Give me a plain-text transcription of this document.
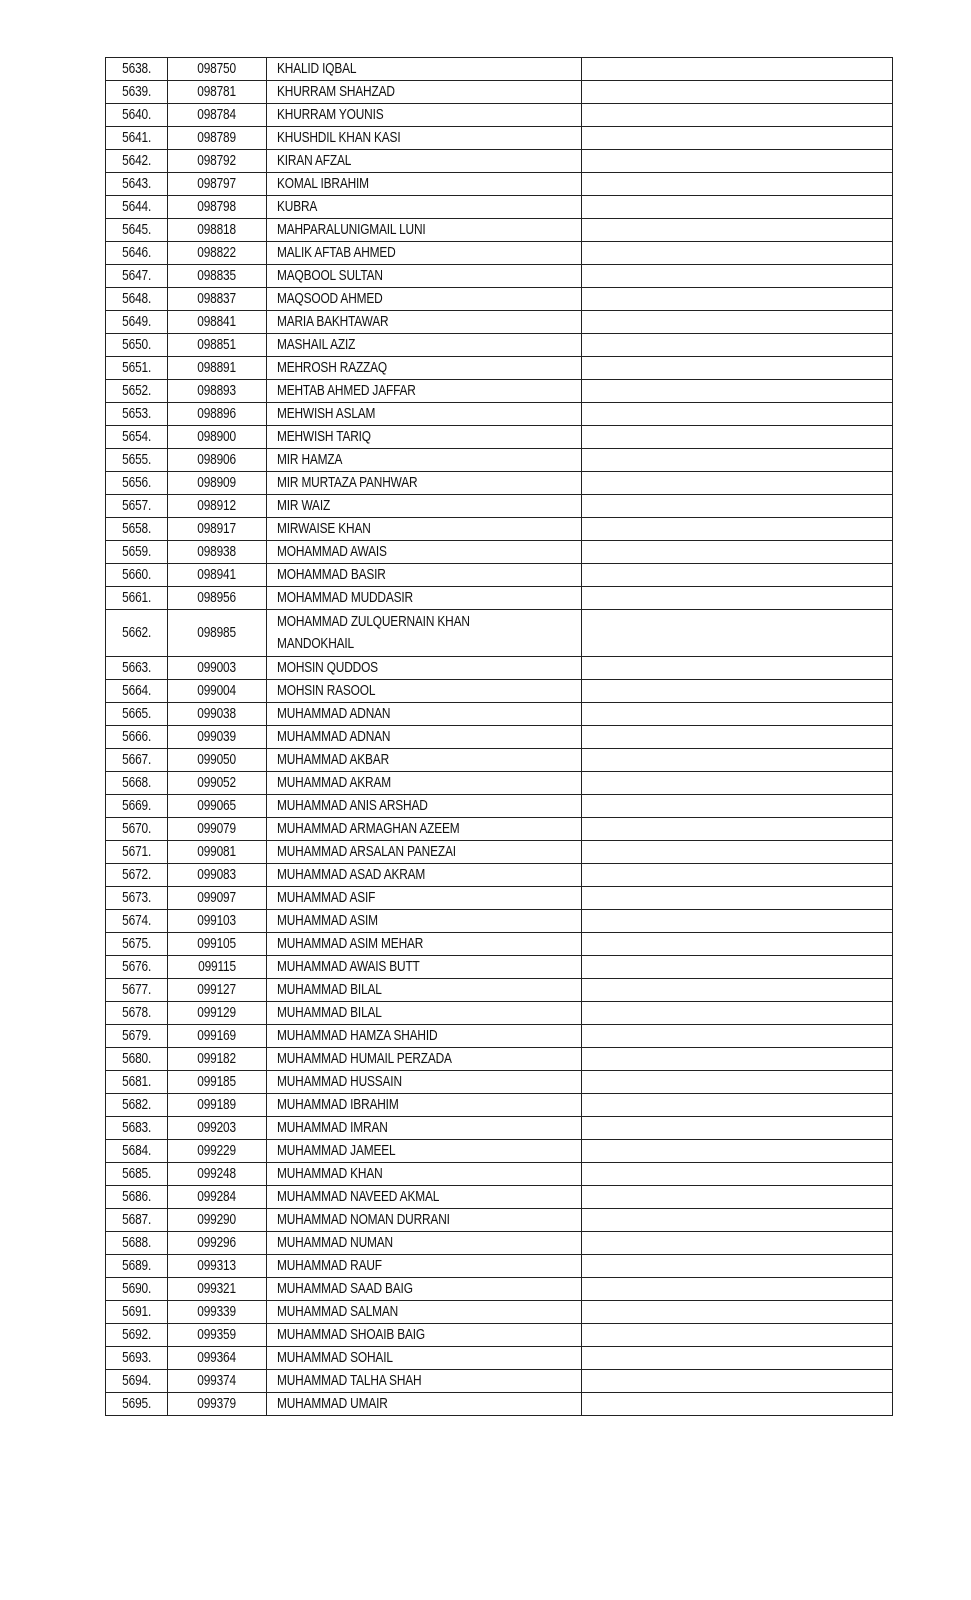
5638.	098750	KHALID IQBAL	
5639.	098781	KHURRAM SHAHZAD	
5640.	098784	KHURRAM YOUNIS	
5641.	098789	KHUSHDIL KHAN KASI	
5642.	098792	KIRAN AFZAL	
5643.	098797	KOMAL IBRAHIM	
5644.	098798	KUBRA	
5645.	098818	MAHPARALUNIGMAIL LUNI	
5646.	098822	MALIK AFTAB AHMED	
5647.	098835	MAQBOOL SULTAN	
5648.	098837	MAQSOOD AHMED	
5649.	098841	MARIA BAKHTAWAR	
5650.	098851	MASHAIL AZIZ	
5651.	098891	MEHROSH RAZZAQ	
5652.	098893	MEHTAB AHMED JAFFAR	
5653.	098896	MEHWISH ASLAM	
5654.	098900	MEHWISH TARIQ	
5655.	098906	MIR HAMZA	
5656.	098909	MIR MURTAZA PANHWAR	
5657.	098912	MIR WAIZ	
5658.	098917	MIRWAISE KHAN	
5659.	098938	MOHAMMAD AWAIS	
5660.	098941	MOHAMMAD BASIR	
5661.	098956	MOHAMMAD MUDDASIR	
5662.	098985	MOHAMMAD ZULQUERNAIN KHAN MANDOKHAIL	
5663.	099003	MOHSIN QUDDOS	
5664.	099004	MOHSIN RASOOL	
5665.	099038	MUHAMMAD ADNAN	
5666.	099039	MUHAMMAD ADNAN	
5667.	099050	MUHAMMAD AKBAR	
5668.	099052	MUHAMMAD AKRAM	
5669.	099065	MUHAMMAD ANIS ARSHAD	
5670.	099079	MUHAMMAD ARMAGHAN AZEEM	
5671.	099081	MUHAMMAD ARSALAN PANEZAI	
5672.	099083	MUHAMMAD ASAD AKRAM	
5673.	099097	MUHAMMAD ASIF	
5674.	099103	MUHAMMAD ASIM	
5675.	099105	MUHAMMAD ASIM MEHAR	
5676.	099115	MUHAMMAD AWAIS BUTT	
5677.	099127	MUHAMMAD BILAL	
5678.	099129	MUHAMMAD BILAL	
5679.	099169	MUHAMMAD HAMZA SHAHID	
5680.	099182	MUHAMMAD HUMAIL PERZADA	
5681.	099185	MUHAMMAD HUSSAIN	
5682.	099189	MUHAMMAD IBRAHIM	
5683.	099203	MUHAMMAD IMRAN	
5684.	099229	MUHAMMAD JAMEEL	
5685.	099248	MUHAMMAD KHAN	
5686.	099284	MUHAMMAD NAVEED AKMAL	
5687.	099290	MUHAMMAD NOMAN DURRANI	
5688.	099296	MUHAMMAD NUMAN	
5689.	099313	MUHAMMAD RAUF	
5690.	099321	MUHAMMAD SAAD BAIG	
5691.	099339	MUHAMMAD SALMAN	
5692.	099359	MUHAMMAD SHOAIB BAIG	
5693.	099364	MUHAMMAD SOHAIL	
5694.	099374	MUHAMMAD TALHA SHAH	
5695.	099379	MUHAMMAD UMAIR	
